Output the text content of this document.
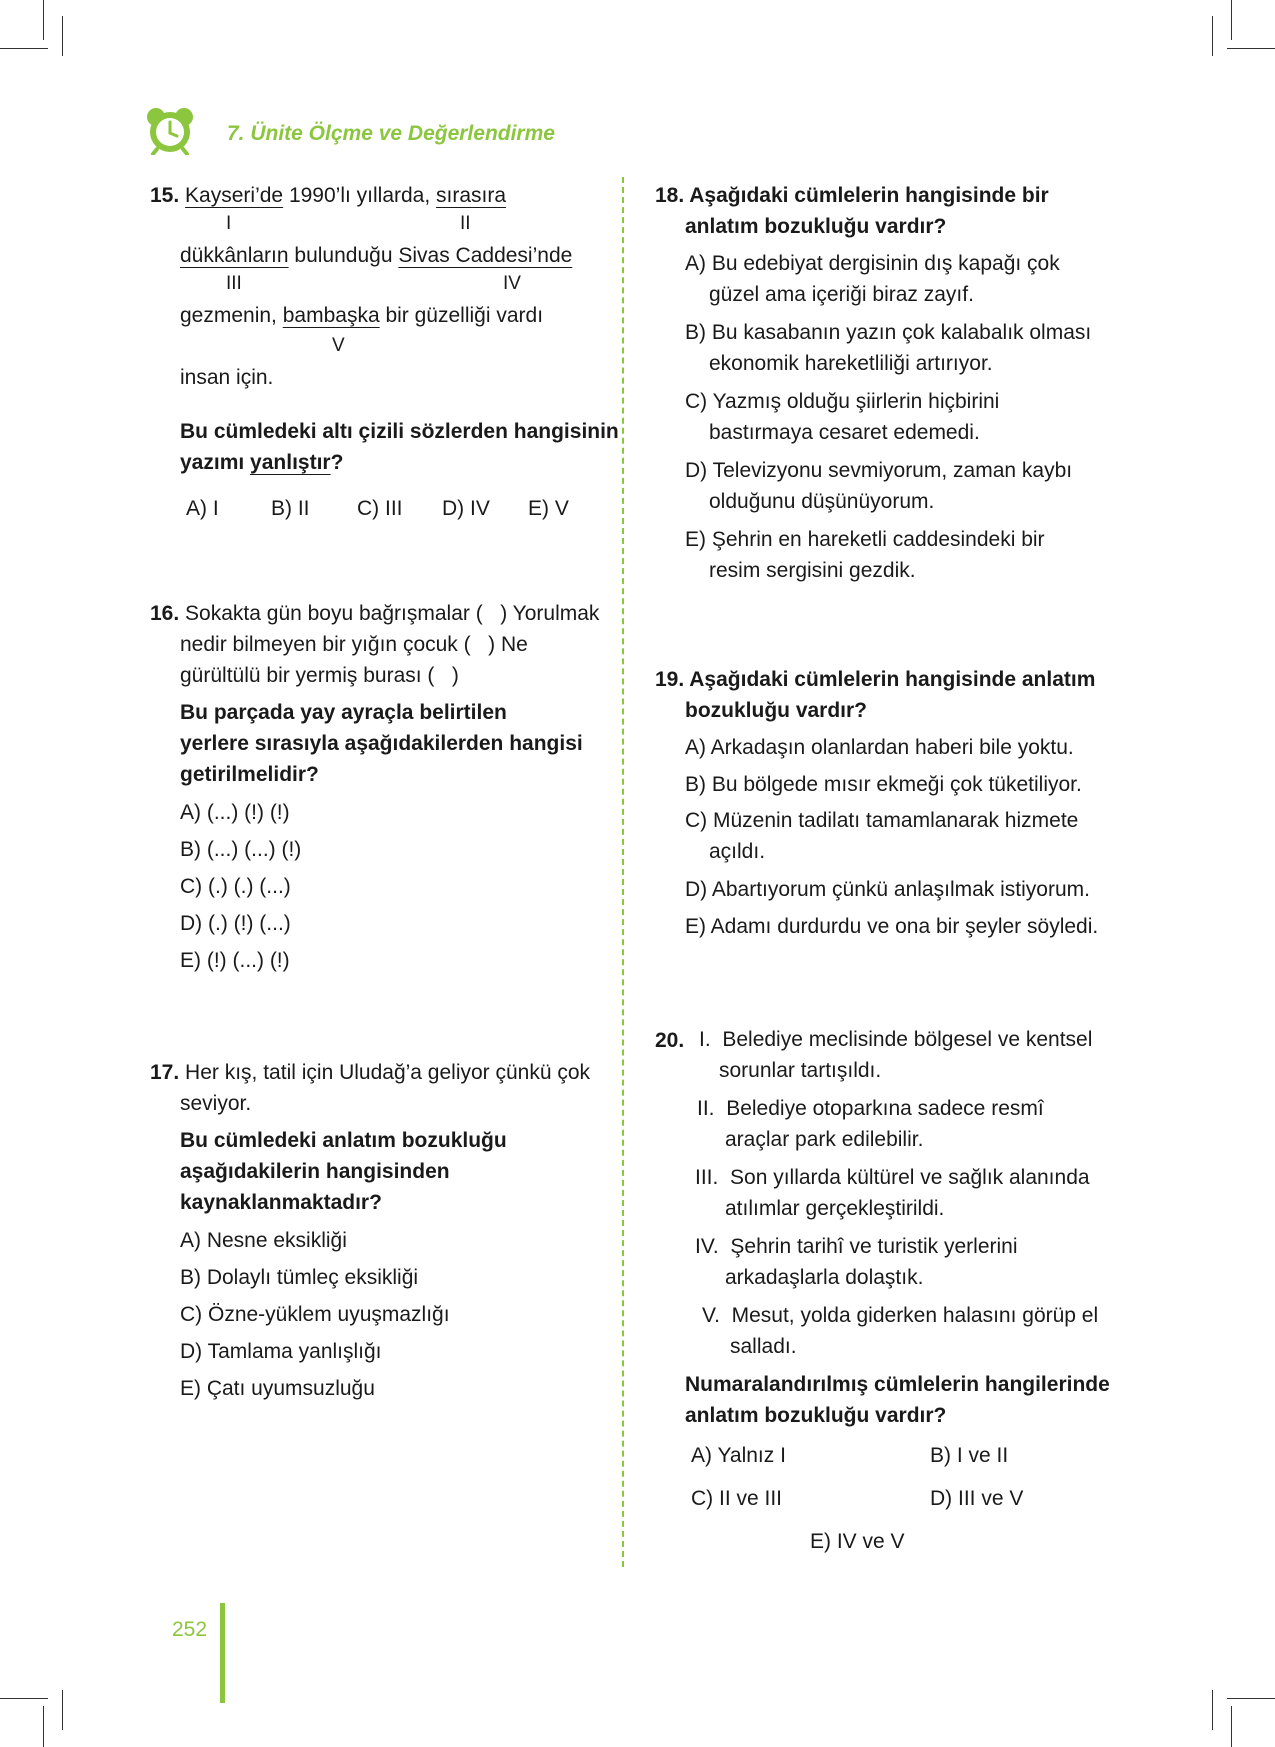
7. Ünite Ölçme ve Değerlendirme
15. Kayseri’de 1990’lı yıllarda, sırasıra
I	II
dükkânların bulunduğu Sivas Caddesi’nde
III	IV
gezmenin, bambaşka bir güzelliği vardı
V
insan için.
Bu cümledeki altı çizili sözlerden hangisinin
yazımı yanlıştır?
A) I B) II C) III D) IV E) V
16. Sokakta gün boyu bağrışmalar (   ) Yorulmak
nedir bilmeyen bir yığın çocuk (   ) Ne
gürültülü bir yermiş burası (   )
Bu parçada yay ayraçla belirtilen
yerlere sırasıyla aşağıdakilerden hangisi
getirilmelidir?
A) (...) (!) (!)
B) (...) (...) (!)
C) (.) (.) (...)
D) (.) (!) (...)
E) (!) (...) (!)
17. Her kış, tatil için Uludağ’a geliyor çünkü çok
seviyor.
Bu cümledeki anlatım bozukluğu
aşağıdakilerin hangisinden
kaynaklanmaktadır?
A) Nesne eksikliği
B) Dolaylı tümleç eksikliği
C) Özne-yüklem uyuşmazlığı
D) Tamlama yanlışlığı
E) Çatı uyumsuzluğu
18. Aşağıdaki cümlelerin hangisinde bir
anlatım bozukluğu vardır?
A) Bu edebiyat dergisinin dış kapağı çok
güzel ama içeriği biraz zayıf.
B) Bu kasabanın yazın çok kalabalık olması
ekonomik hareketliliği artırıyor.
C) Yazmış olduğu şiirlerin hiçbirini
bastırmaya cesaret edemedi.
D) Televizyonu sevmiyorum, zaman kaybı
olduğunu düşünüyorum.
E) Şehrin en hareketli caddesindeki bir
resim sergisini gezdik.
19. Aşağıdaki cümlelerin hangisinde anlatım
bozukluğu vardır?
A) Arkadaşın olanlardan haberi bile yoktu.
B) Bu bölgede mısır ekmeği çok tüketiliyor.
C) Müzenin tadilatı tamamlanarak hizmete
açıldı.
D) Abartıyorum çünkü anlaşılmak istiyorum.
E) Adamı durdurdu ve ona bir şeyler söyledi.
20. I. Belediye meclisinde bölgesel ve kentsel
sorunlar tartışıldı.
II. Belediye otoparkına sadece resmî
araçlar park edilebilir.
III. Son yıllarda kültürel ve sağlık alanında
atılımlar gerçekleştirildi.
IV. Şehrin tarihî ve turistik yerlerini
arkadaşlarla dolaştık.
V. Mesut, yolda giderken halasını görüp el
salladı.
Numaralandırılmış cümlelerin hangilerinde
anlatım bozukluğu vardır?
A) Yalnız I	B) I ve II
C) II ve III	D) III ve V
E) IV ve V
252
